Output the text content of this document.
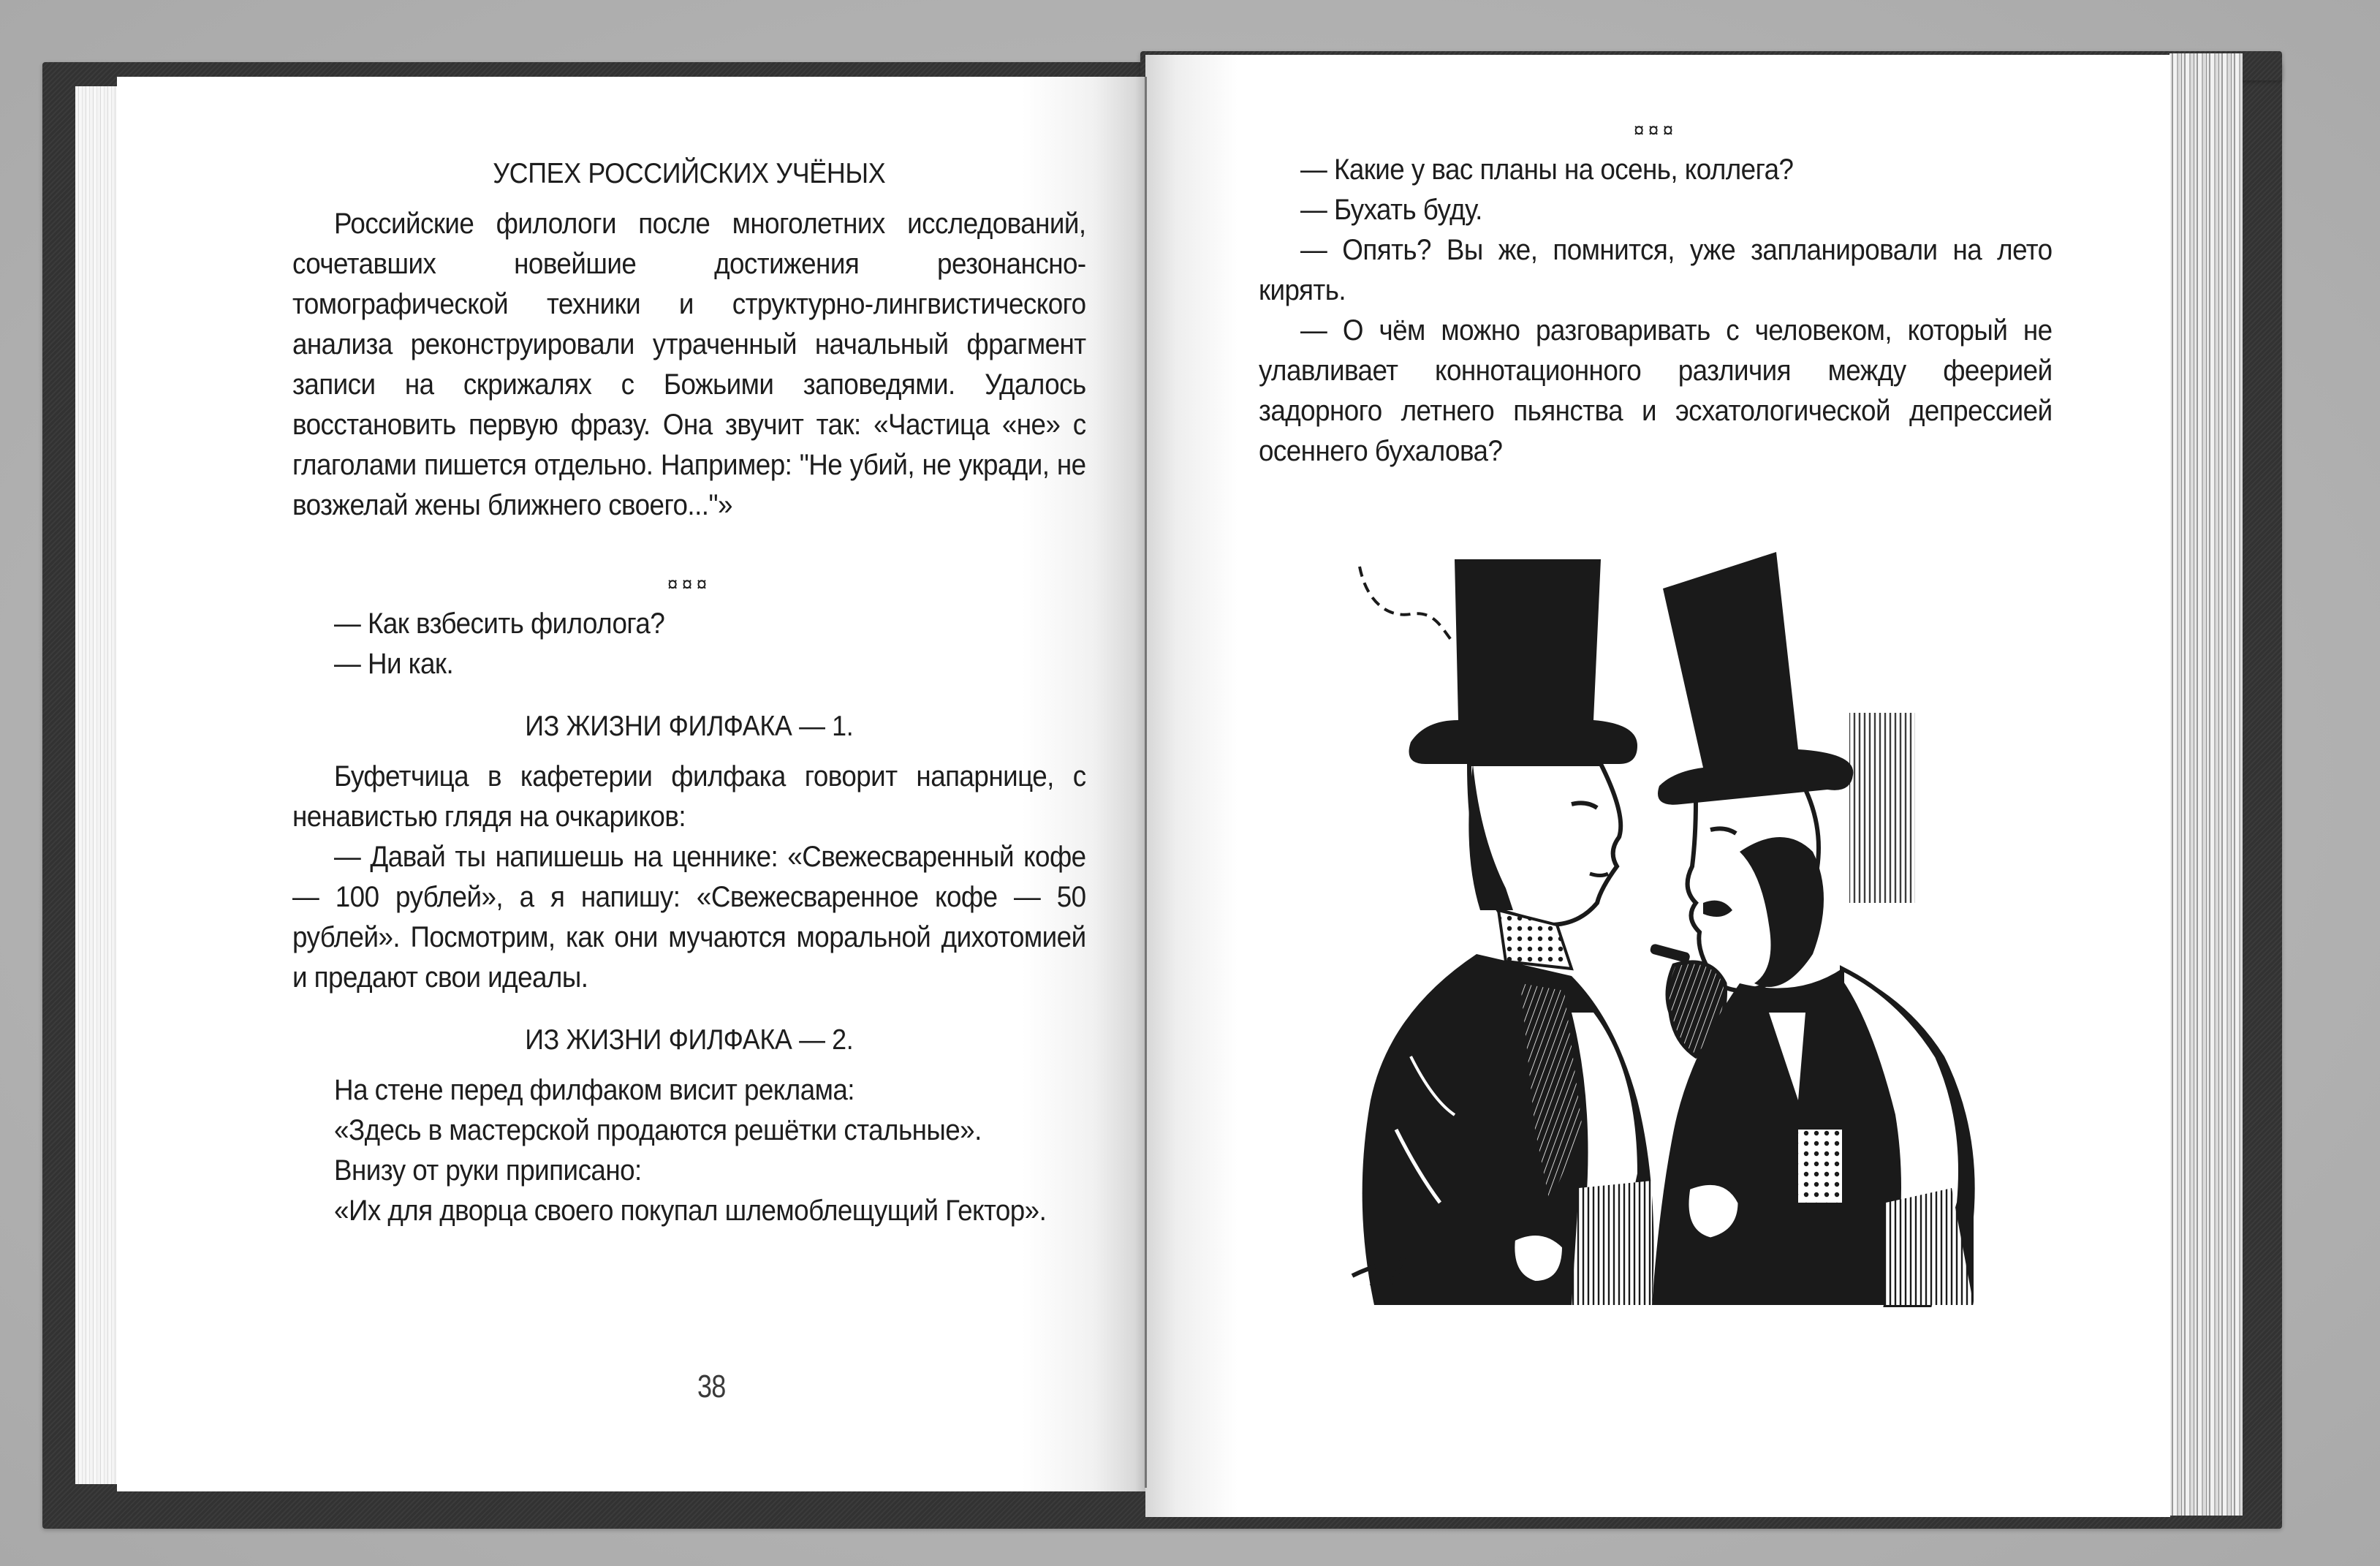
УСПЕХ РОССИЙСКИХ УЧЁНЫХ

Российские филологи после многолетних исследований, сочетавших новейшие достижения резонансно-томографической техники и структурно-лингвистического анализа реконструировали утраченный начальный фрагмент записи на скрижалях с Божьими заповедями. Удалось восстановить первую фразу. Она звучит так: «Частица «не» с глаголами пишется отдельно. Например: "Не убий, не укради, не возжелай жены ближнего своего..."»

¤¤¤

— Как взбесить филолога?

— Ни как.

ИЗ ЖИЗНИ ФИЛФАКА — 1.

Буфетчица в кафетерии филфака говорит напарнице, с ненавистью глядя на очкариков:

— Давай ты напишешь на ценнике: «Свежесваренный кофе — 100 рублей», а я напишу: «Свежесваренное кофе — 50 рублей». Посмотрим, как они мучаются моральной дихотомией и предают свои идеалы.

ИЗ ЖИЗНИ ФИЛФАКА — 2.

На стене перед филфаком висит реклама:

«Здесь в мастерской продаются решётки стальные».

Внизу от руки приписано:

«Их для дворца своего покупал шлемоблещущий Гектор».

38
¤¤¤

— Какие у вас планы на осень, коллега?

— Бухать буду.

— Опять? Вы же, помнится, уже запланировали на лето кирять.

— О чём можно разговаривать с человеком, который не улавливает коннотационного различия между феерией задорного летнего пьянства и эсхатологической депрессией осеннего бухалова?
